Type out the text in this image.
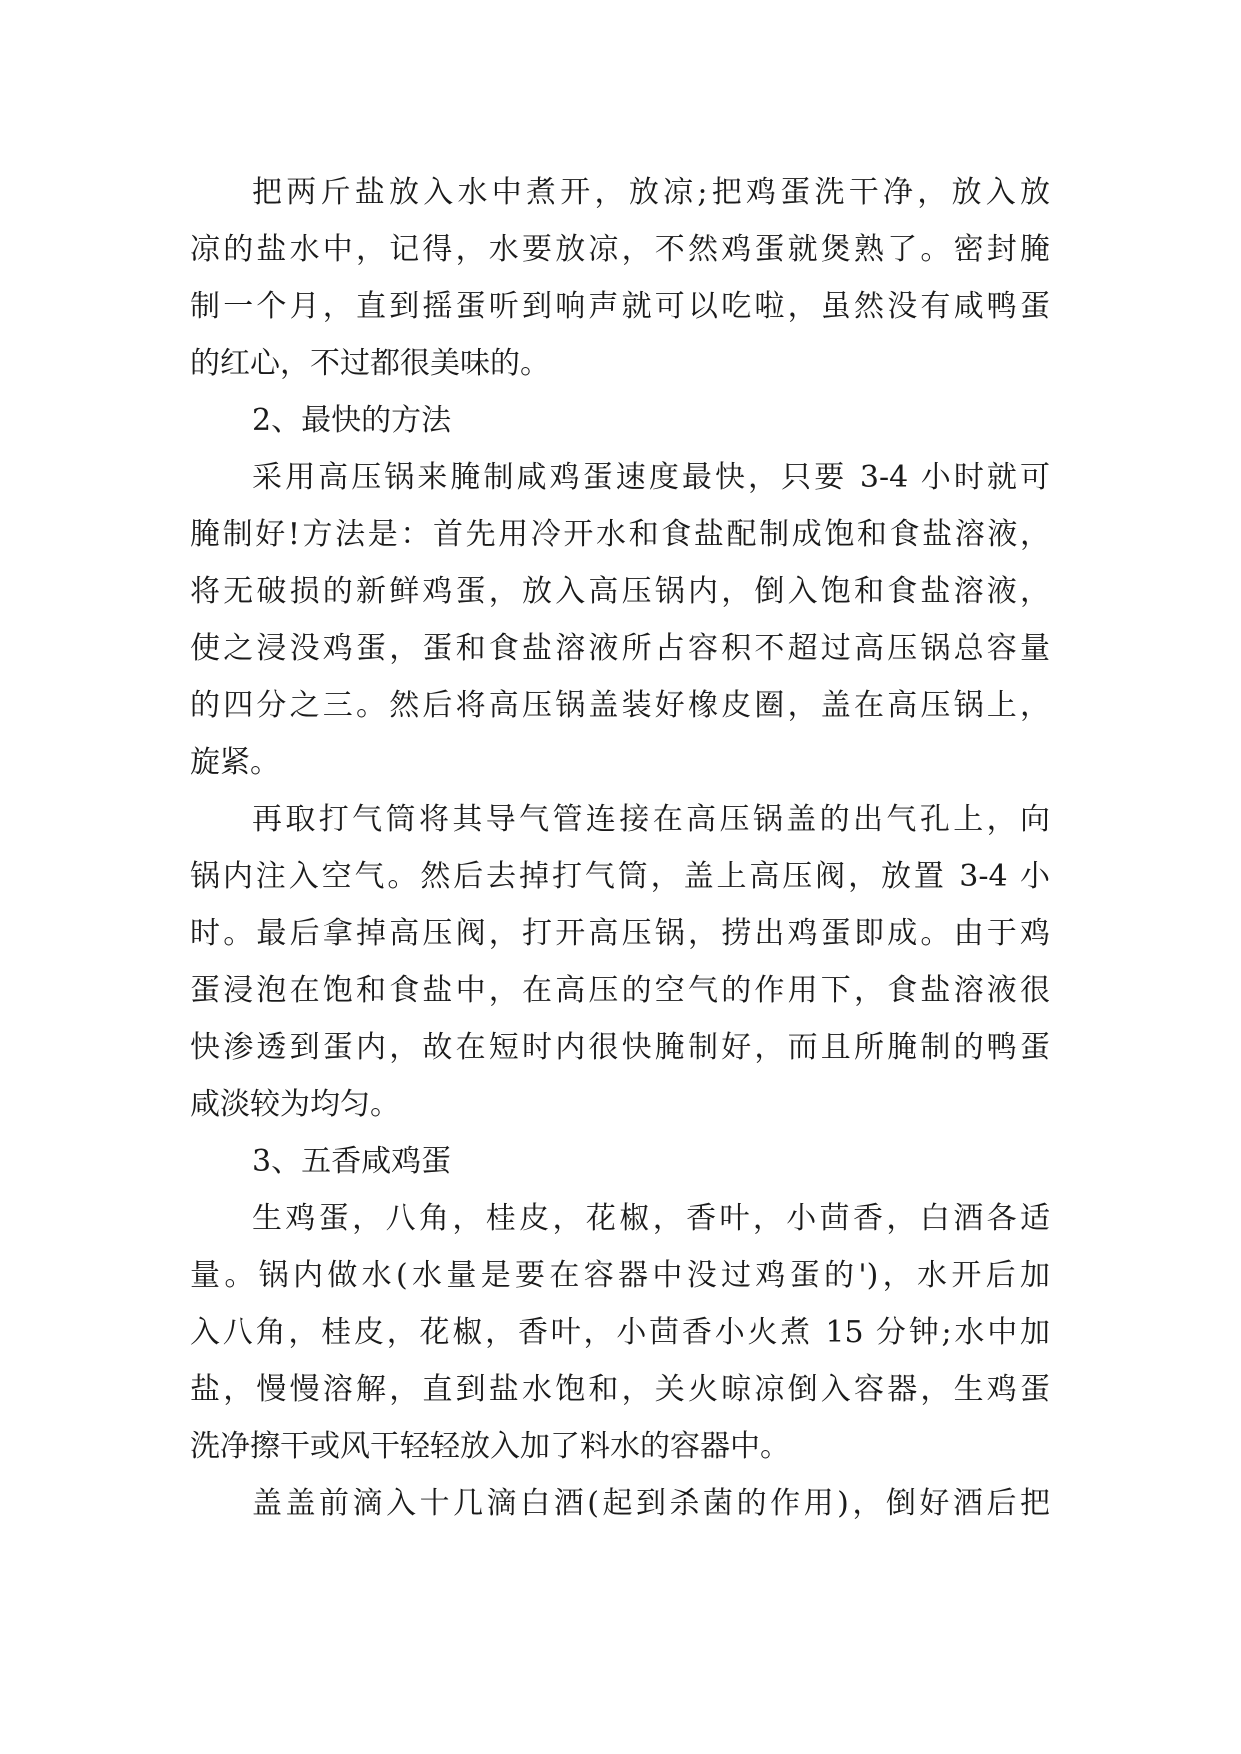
把两斤盐放入水中煮开，放凉;把鸡蛋洗干净，放入放
凉的盐水中，记得，水要放凉，不然鸡蛋就煲熟了。密封腌
制一个月，直到摇蛋听到响声就可以吃啦，虽然没有咸鸭蛋
的红心，不过都很美味的。
2、最快的方法
采用高压锅来腌制咸鸡蛋速度最快，只要 3-4 小时就可
腌制好!方法是：首先用冷开水和食盐配制成饱和食盐溶液，
将无破损的新鲜鸡蛋，放入高压锅内，倒入饱和食盐溶液，
使之浸没鸡蛋，蛋和食盐溶液所占容积不超过高压锅总容量
的四分之三。然后将高压锅盖装好橡皮圈，盖在高压锅上，
旋紧。
再取打气筒将其导气管连接在高压锅盖的出气孔上，向
锅内注入空气。然后去掉打气筒，盖上高压阀，放置 3-4 小
时。最后拿掉高压阀，打开高压锅，捞出鸡蛋即成。由于鸡
蛋浸泡在饱和食盐中，在高压的空气的作用下，食盐溶液很
快渗透到蛋内，故在短时内很快腌制好，而且所腌制的鸭蛋
咸淡较为均匀。
3、五香咸鸡蛋
生鸡蛋，八角，桂皮，花椒，香叶，小茴香，白酒各适
量。锅内做水(水量是要在容器中没过鸡蛋的')，水开后加
入八角，桂皮，花椒，香叶，小茴香小火煮 15 分钟;水中加
盐，慢慢溶解，直到盐水饱和，关火晾凉倒入容器，生鸡蛋
洗净擦干或风干轻轻放入加了料水的容器中。
盖盖前滴入十几滴白酒(起到杀菌的作用)，倒好酒后把
